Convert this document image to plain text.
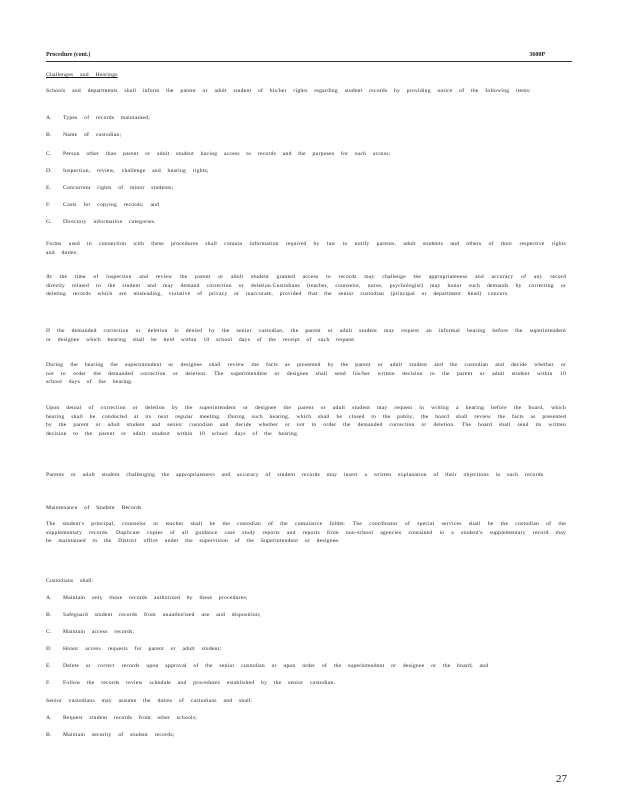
Procedure (cont.)	3600P
Challenges and Hearings
Schools and departments shall inform the parent or adult student of his/her rights regarding student records by providing notice of the following items:
A. Types of records maintained;
B. Name of custodian;
C. Person other than parent or adult student having access to records and the purposes for such access;
D. Inspection, review, challenge and hearing rights;
E. Concurrent rights of minor students;
F. Costs for copying records; and
G. Directory information categories.
Forms used in connection with these procedures shall contain information required by law to notify parents, adult students and others of their respective rights and duties.
At the time of inspection and review the parent or adult student granted access to records may challenge the appropriateness and accuracy of any record directly related to the student and may demand correction or deletion.Custodians (teacher, counselor, nurse, psychologist) may honor such demands by correcting or deleting records which are misleading, violative of privacy or inaccurate, provided that the senior custodian (principal or department head) concurs.
If the demanded correction or deletion is denied by the senior custodian, the parent or adult student may request an informal hearing before the superintendent or designee which hearing shall be held within 10 school days of the receipt of such request.
During the hearing the superintendent or designee shall review the facts as presented by the parent or adult student and the custodian and decide whether or not to order the demanded correction or deletion. The superintendent or designee shall send his/her written decision to the parent or adult student within 10 school days of the hearing.
Upon denial of correction or deletion by the superintendent or designee the parent or adult student may request in writing a hearing before the board, which hearing shall be conducted at its next regular meeting. During such hearing, which shall be closed to the public, the board shall review the facts as presented by the parent or adult student and senior custodian and decide whether or not to order the demanded correction or deletion. The board shall send its written decision to the parent or adult student within 10 school days of the hearing.
Parents or adult student challenging the appropriateness and accuracy of student records may insert a written explanation of their objections in such records.
Maintenance of Student Records
The student's principal, counselor or teacher shall be the custodian of the cumulative folder. The coordinator of special services shall be the custodian of the supplementary records. Duplicate copies of all guidance case study reports and reports from non-school agencies contained in a student's supplementary record may be maintained in the District office under the supervision of the Superintendent or designee.
Custodians shall:
A. Maintain only those records authorized by these procedures;
B. Safeguard student records from unauthorized use and disposition;
C. Maintain access records;
D. Honor access requests for parent or adult student;
E. Delete or correct records upon approval of the senior custodian or upon order of the superintendent or designee or the board; and
F. Follow the records review schedule and procedures established by the senior custodian.
Senior custodians may assume the duties of custodians and shall:
A. Request student records from other schools;
B. Maintain security of student records;
27
